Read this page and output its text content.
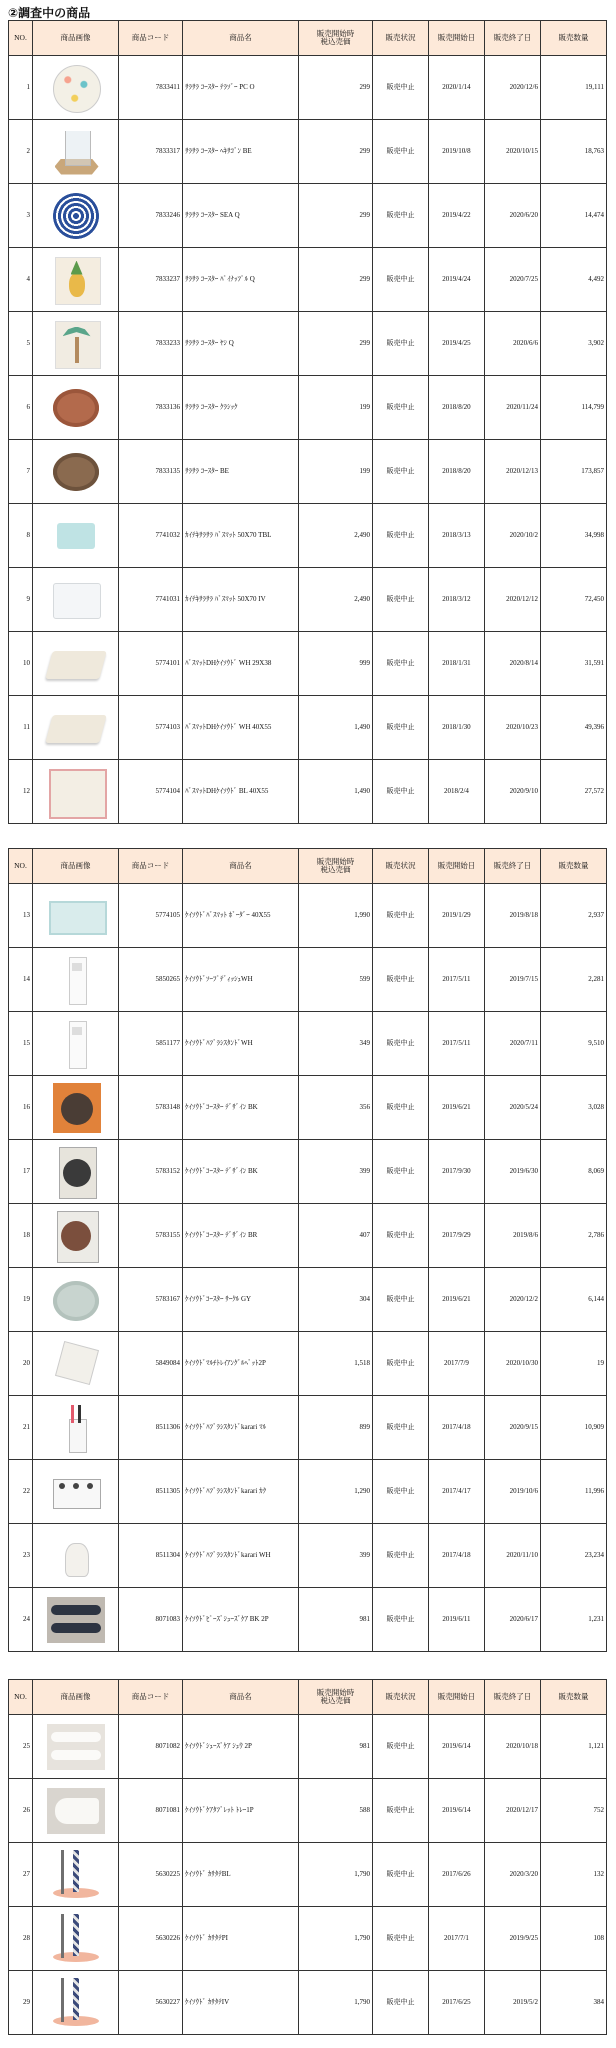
②調査中の商品
NO.	商品画像	商品コード	商品名	販売開始時
税込売価	販売状況	販売開始日	販売終了日	販売数量
1		7833411	ｻﾗｻﾗ ｺｰｽﾀｰ ﾃﾗｿﾞｰ PC O	299	販売中止	2020/1/14	2020/12/6	19,111
2		7833317	ｻﾗｻﾗ ｺｰｽﾀｰ ﾍｷｻｺﾞﾝ BE	299	販売中止	2019/10/8	2020/10/15	18,763
3		7833246	ｻﾗｻﾗ ｺｰｽﾀｰ SEA Q	299	販売中止	2019/4/22	2020/6/20	14,474
4		7833237	ｻﾗｻﾗ ｺｰｽﾀｰ ﾊﾟｲﾅｯﾌﾟﾙ Q	299	販売中止	2019/4/24	2020/7/25	4,492
5		7833233	ｻﾗｻﾗ ｺｰｽﾀｰ ﾔｼ Q	299	販売中止	2019/4/25	2020/6/6	3,902
6		7833136	ｻﾗｻﾗ ｺｰｽﾀｰ ｸﾗｼｯｸ	199	販売中止	2018/8/20	2020/11/24	114,799
7		7833135	ｻﾗｻﾗ ｺｰｽﾀｰ BE	199	販売中止	2018/8/20	2020/12/13	173,857
8		7741032	ｶｲﾃｷｻﾗｻﾗ ﾊﾞｽﾏｯﾄ 50X70 TBL	2,490	販売中止	2018/3/13	2020/10/2	34,998
9		7741031	ｶｲﾃｷｻﾗｻﾗ ﾊﾞｽﾏｯﾄ 50X70 IV	2,490	販売中止	2018/3/12	2020/12/12	72,450
10		5774101	ﾊﾞｽﾏｯﾄDHｹｲｿｳﾄﾞ WH 29X38	999	販売中止	2018/1/31	2020/8/14	31,591
11		5774103	ﾊﾞｽﾏｯﾄDHｹｲｿｳﾄﾞ WH 40X55	1,490	販売中止	2018/1/30	2020/10/23	49,396
12		5774104	ﾊﾞｽﾏｯﾄDHｹｲｿｳﾄﾞ BL 40X55	1,490	販売中止	2018/2/4	2020/9/10	27,572
NO.	商品画像	商品コード	商品名	販売開始時
税込売価	販売状況	販売開始日	販売終了日	販売数量
13		5774105	ｹｲｿｳﾄﾞﾊﾞｽﾏｯﾄ ﾎﾞｰﾀﾞｰ 40X55	1,990	販売中止	2019/1/29	2019/8/18	2,937
14		5850265	ｹｲｿｳﾄﾞｿｰﾌﾟﾃﾞｨｯｼｭWH	599	販売中止	2017/5/11	2019/7/15	2,281
15		5851177	ｹｲｿｳﾄﾞﾊﾌﾞﾗｼｽﾀﾝﾄﾞWH	349	販売中止	2017/5/11	2020/7/11	9,510
16		5783148	ｹｲｿｳﾄﾞｺｰｽﾀｰ ﾃﾞｻﾞｲﾝ BK	356	販売中止	2019/6/21	2020/5/24	3,028
17		5783152	ｹｲｿｳﾄﾞｺｰｽﾀｰ ﾃﾞｻﾞｲﾝ BK	399	販売中止	2017/9/30	2019/6/30	8,069
18		5783155	ｹｲｿｳﾄﾞｺｰｽﾀｰ ﾃﾞｻﾞｲﾝ BR	407	販売中止	2017/9/29	2019/8/6	2,786
19		5783167	ｹｲｿｳﾄﾞｺｰｽﾀｰ ｻｰｸﾙ GY	304	販売中止	2019/6/21	2020/12/2	6,144
20		5849084	ｹｲｿｳﾄﾞﾏﾙﾁﾄﾚｲｱﾝｸﾞﾙﾍﾞｯﾄ2P	1,518	販売中止	2017/7/9	2020/10/30	19
21		8511306	ｹｲｿｳﾄﾞﾊﾌﾞﾗｼｽﾀﾝﾄﾞkarari ﾏﾙ	899	販売中止	2017/4/18	2020/9/15	10,909
22		8511305	ｹｲｿｳﾄﾞﾊﾌﾞﾗｼｽﾀﾝﾄﾞkarari ｶｸ	1,290	販売中止	2017/4/17	2019/10/6	11,996
23		8511304	ｹｲｿｳﾄﾞﾊﾌﾞﾗｼｽﾀﾝﾄﾞkarari WH	399	販売中止	2017/4/18	2020/11/10	23,234
24		8071083	ｹｲｿｳﾄﾞﾋﾟｰｽﾞｼｭｰｽﾞｹｱ BK 2P	981	販売中止	2019/6/11	2020/6/17	1,231
NO.	商品画像	商品コード	商品名	販売開始時
税込売価	販売状況	販売開始日	販売終了日	販売数量
25		8071082	ｹｲｿｳﾄﾞｼｭｰｽﾞｹｱ ｼｭｳ 2P	981	販売中止	2019/6/14	2020/10/18	1,121
26		8071081	ｹｲｿｳﾄﾞｹｱﾀﾌﾞﾚｯﾄ ﾄﾚｰ1P	588	販売中止	2019/6/14	2020/12/17	752
27		5630225	ｹｲｿｳﾄﾞ ｶｻﾀﾃBL	1,790	販売中止	2017/6/26	2020/3/20	132
28		5630226	ｹｲｿｳﾄﾞ ｶｻﾀﾃPI	1,790	販売中止	2017/7/1	2019/9/25	108
29		5630227	ｹｲｿｳﾄﾞ ｶｻﾀﾃIV	1,790	販売中止	2017/6/25	2019/5/2	384
